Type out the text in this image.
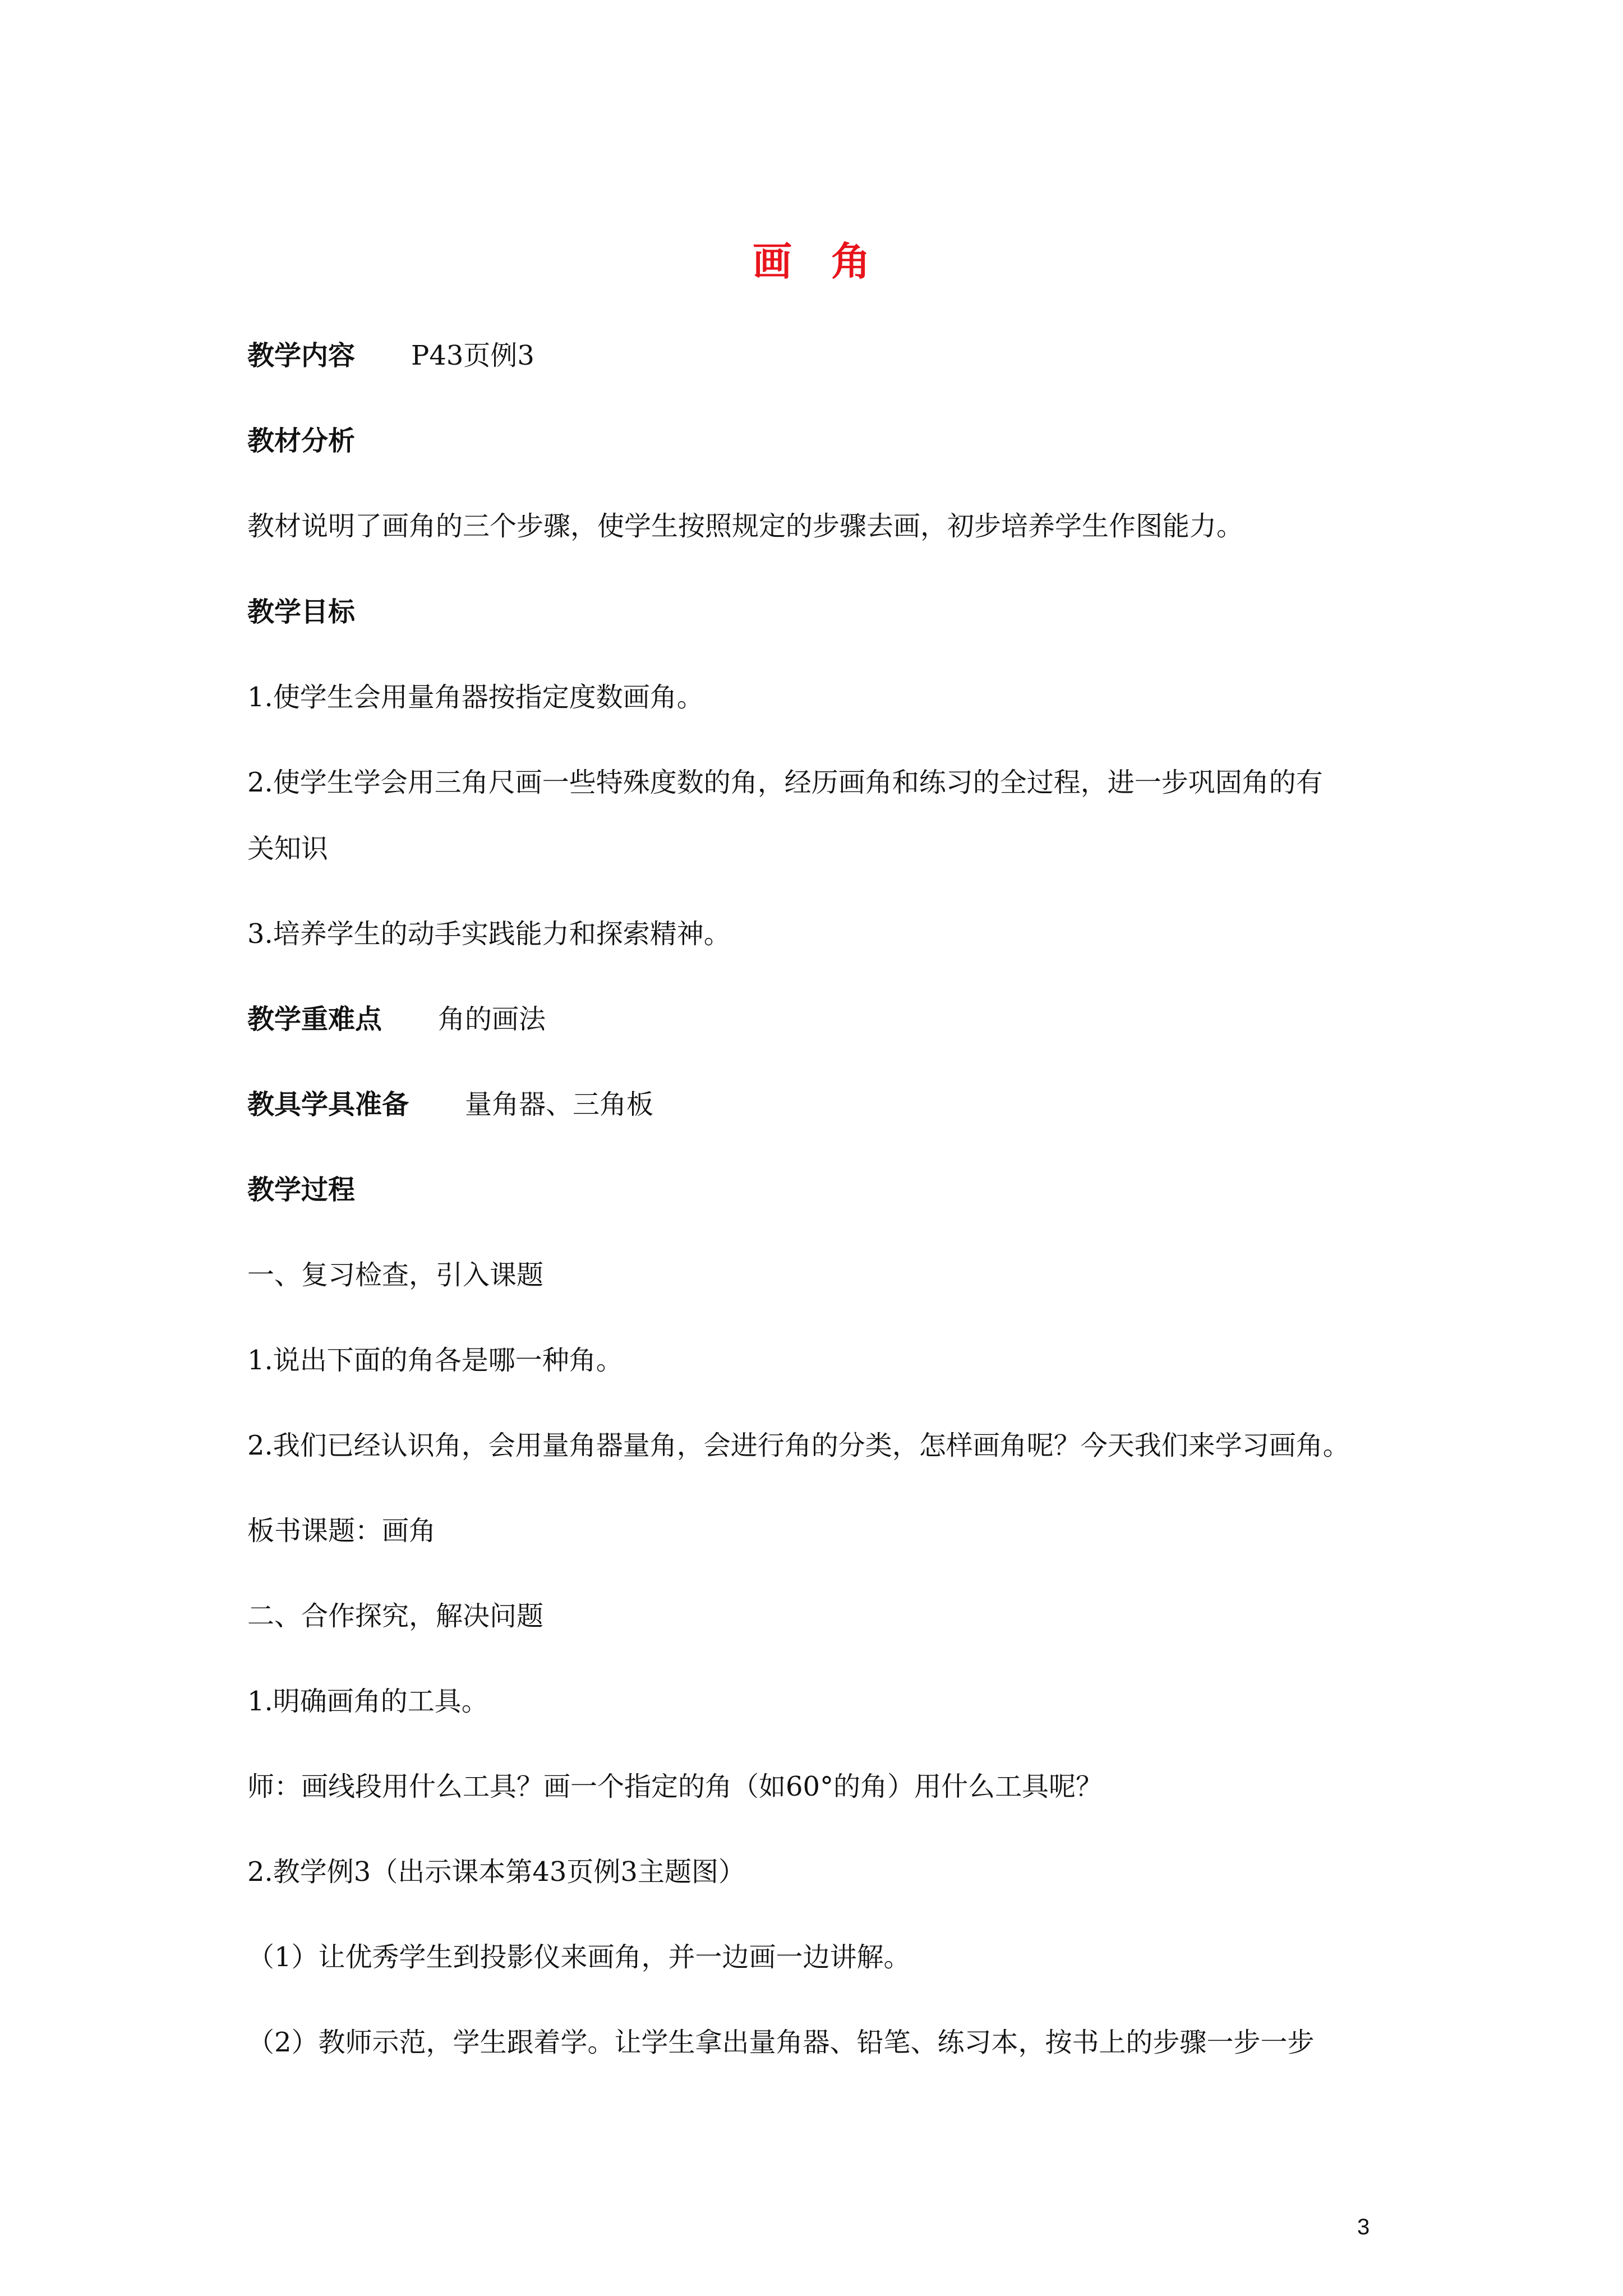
画角
教学内容 P43页例3
教材分析
教材说明了画角的三个步骤，使学生按照规定的步骤去画，初步培养学生作图能力。
教学目标
1.使学生会用量角器按指定度数画角。
2.使学生学会用三角尺画一些特殊度数的角，经历画角和练习的全过程，进一步巩固角的有
关知识
3.培养学生的动手实践能力和探索精神。
教学重难点 角的画法
教具学具准备 量角器、三角板
教学过程
一、复习检查，引入课题
1.说出下面的角各是哪一种角。
2.我们已经认识角，会用量角器量角，会进行角的分类，怎样画角呢？今天我们来学习画角。
板书课题：画角
二、合作探究，解决问题
1.明确画角的工具。
师：画线段用什么工具？画一个指定的角（如60°的角）用什么工具呢？
2.教学例3（出示课本第43页例3主题图）
（1）让优秀学生到投影仪来画角，并一边画一边讲解。
（2）教师示范，学生跟着学。让学生拿出量角器、铅笔、练习本，按书上的步骤一步一步
3
